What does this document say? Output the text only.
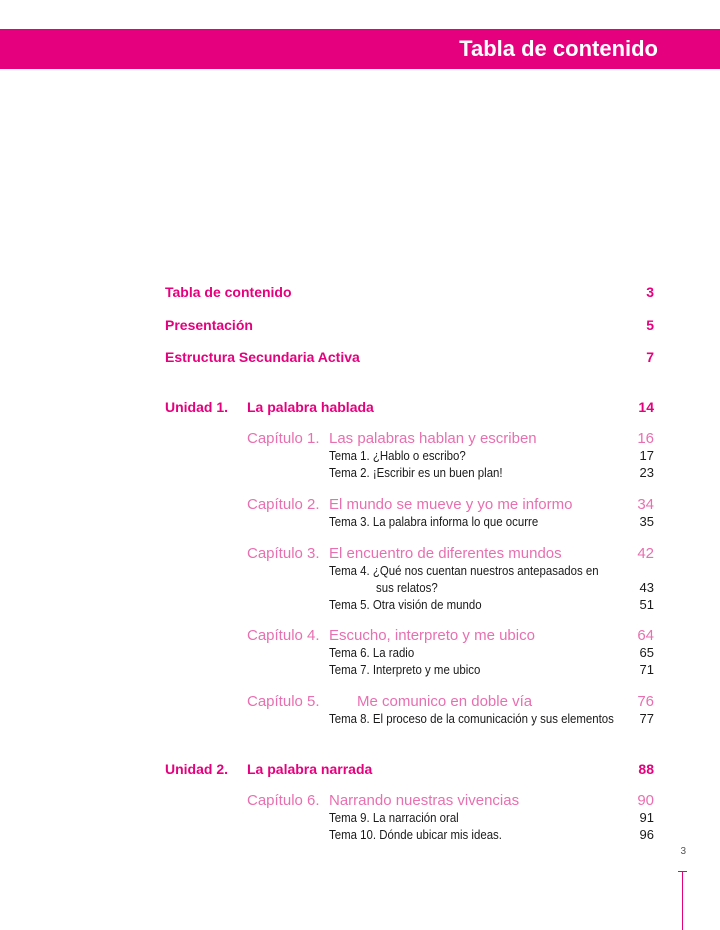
Tabla de contenido
Tabla de contenido	3
Presentación	5
Estructura Secundaria Activa	7
Unidad 1. La palabra hablada	14
Capítulo 1. Las palabras hablan y escriben	16
Tema 1. ¿Hablo o escribo?	17
Tema 2. ¡Escribir es un buen plan!	23
Capítulo 2. El mundo se mueve y yo me informo	34
Tema 3. La palabra informa lo que ocurre	35
Capítulo 3. El encuentro de diferentes mundos	42
Tema 4. ¿Qué nos cuentan nuestros antepasados en
sus relatos?	43
Tema 5. Otra visión de mundo	51
Capítulo 4. Escucho, interpreto y me ubico	64
Tema 6. La radio	65
Tema 7. Interpreto y me ubico	71
Capítulo 5. Me comunico en doble vía	76
Tema 8. El proceso de la comunicación y sus elementos 77
Unidad 2. La palabra narrada	88
Capítulo 6. Narrando nuestras vivencias	90
Tema 9. La narración oral	91
Tema 10. Dónde ubicar mis ideas.	96
3
